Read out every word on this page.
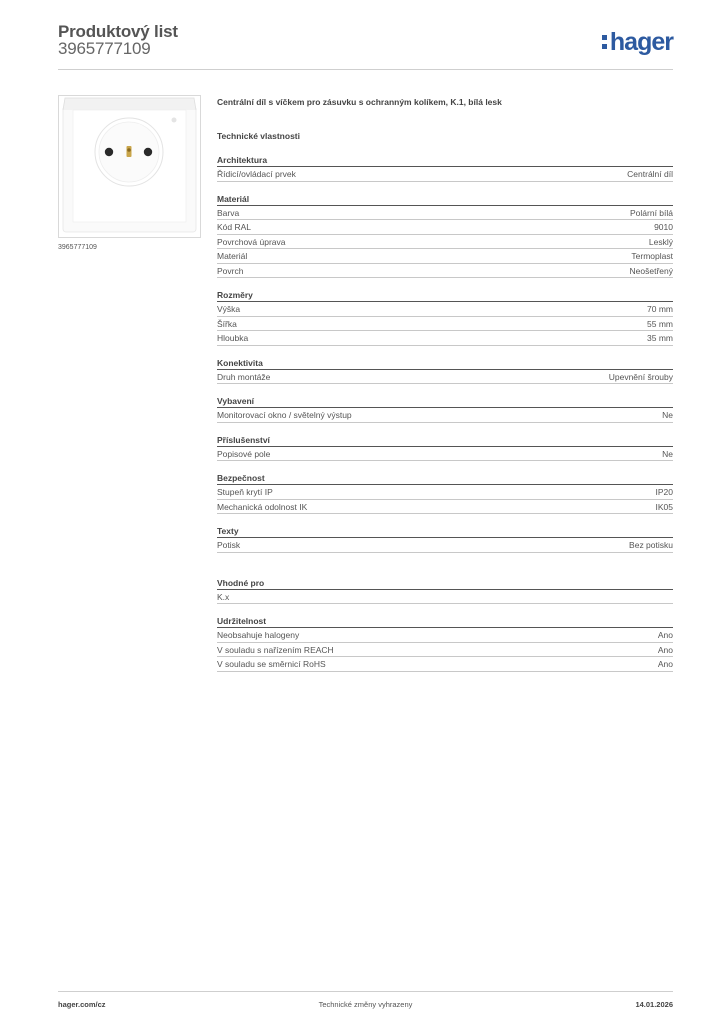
Produktový list
3965777109	hager
3965777109
Centrální díl s víčkem pro zásuvku s ochranným kolíkem, K.1, bílá lesk
Technické vlastnosti
Architektura
Řídicí/ovládací prvek	Centrální díl
Materiál
Barva	Polární bílá
Kód RAL	9010
Povrchová úprava	Lesklý
Materiál	Termoplast
Povrch	Neošetřený
Rozměry
Výška	70 mm
Šířka	55 mm
Hloubka	35 mm
Konektivita
Druh montáže	Upevnění šrouby
Vybavení
Monitorovací okno / světelný výstup	Ne
Příslušenství
Popisové pole	Ne
Bezpečnost
Stupeň krytí IP	IP20
Mechanická odolnost IK	IK05
Texty
Potisk	Bez potisku
Vhodné pro
K.x
Udržitelnost
Neobsahuje halogeny	Ano
V souladu s nařízením REACH	Ano
V souladu se směrnicí RoHS	Ano
hager.com/cz	Technické změny vyhrazeny	14.01.2026
